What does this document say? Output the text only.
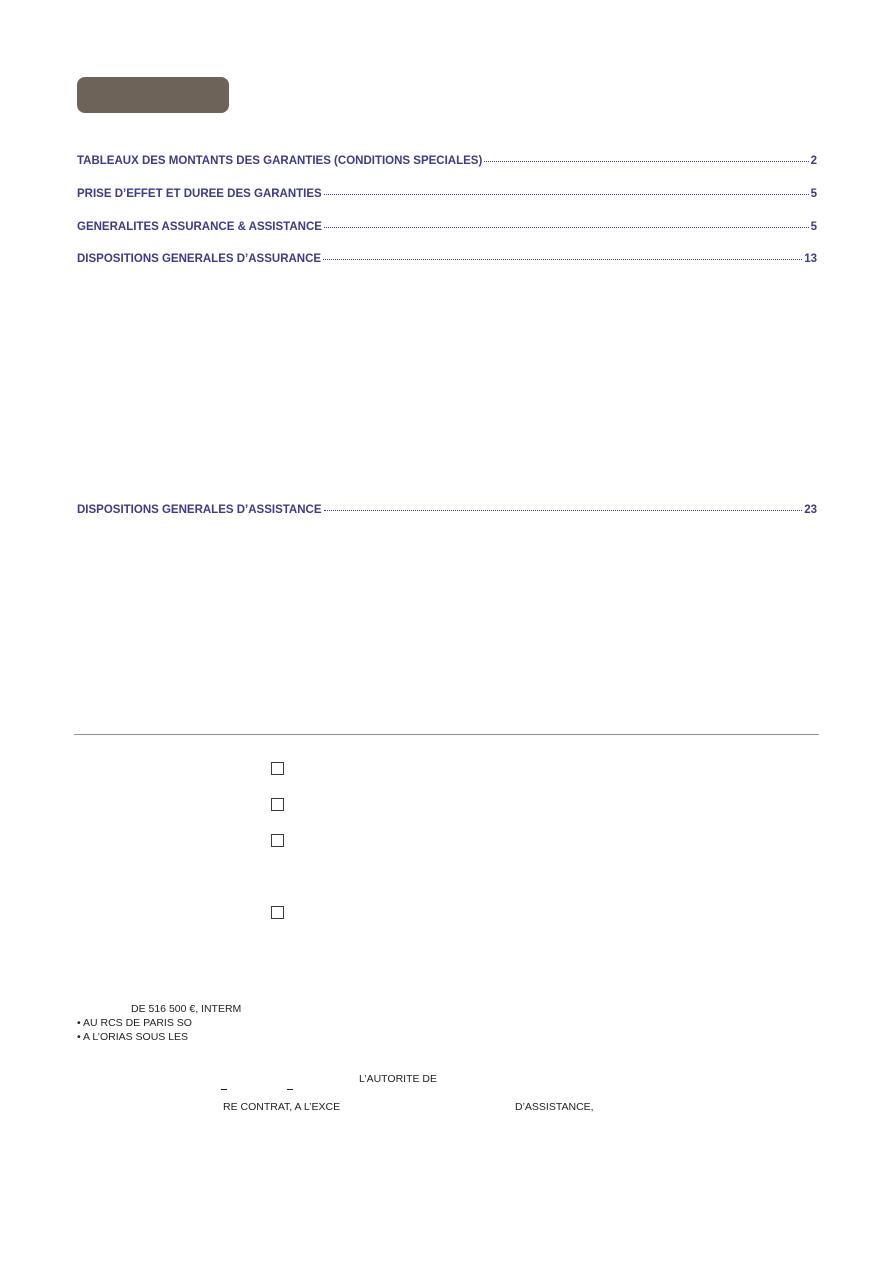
TABLEAUX DES MONTANTS DES GARANTIES (CONDITIONS SPECIALES)	2
PRISE D’EFFET ET DUREE DES GARANTIES	5
GENERALITES ASSURANCE & ASSISTANCE	5
DISPOSITIONS GENERALES D’ASSURANCE	13
DISPOSITIONS GENERALES D’ASSISTANCE	23
DE 516 500 €, INTERM
• AU RCS DE PARIS SO
• A L’ORIAS SOUS LES
L’AUTORITE DE
RE CONTRAT, A L’EXCE	D’ASSISTANCE,
